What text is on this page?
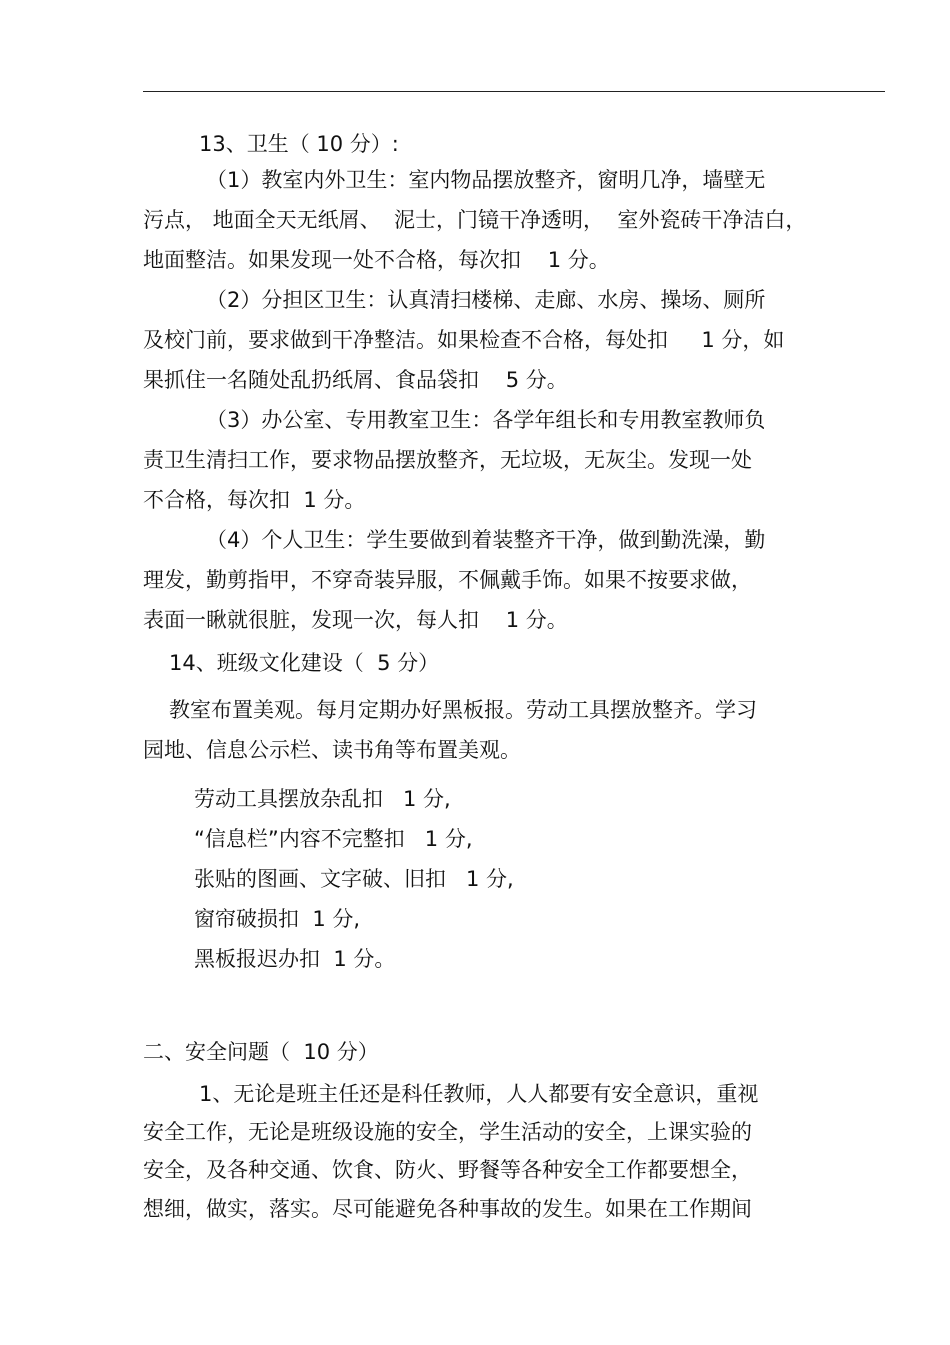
13、卫生（ 10 分）:
（1）教室内外卫生：室内物品摆放整齐，窗明几净，墙壁无
污点， 地面全天无纸屑、  泥士，门镜干净透明，  室外瓷砖干净洁白，
地面整洁。如果发现一处不合格，每次扣    1 分。
（2）分担区卫生：认真清扫楼梯、走廊、水房、操场、厕所
及校门前，要求做到干净整洁。如果检查不合格，每处扣     1 分，如
果抓住一名随处乱扔纸屑、食品袋扣    5 分。
（3）办公室、专用教室卫生：各学年组长和专用教室教师负
责卫生清扫工作，要求物品摆放整齐，无垃圾，无灰尘。发现一处
不合格，每次扣  1 分。
（4）个人卫生：学生要做到着装整齐干净，做到勤洗澡，勤
理发，勤剪指甲，不穿奇装异服，不佩戴手饰。如果不按要求做，
表面一瞅就很脏，发现一次，每人扣    1 分。
14、班级文化建设（  5 分）
教室布置美观。每月定期办好黑板报。劳动工具摆放整齐。学习
园地、信息公示栏、读书角等布置美观。
劳动工具摆放杂乱扣   1 分,
“信息栏”内容不完整扣   1 分,
张贴的图画、文字破、旧扣   1 分,
窗帘破损扣  1 分,
黑板报迟办扣  1 分。
二、安全问题（  10 分）
1、无论是班主任还是科任教师，人人都要有安全意识，重视
安全工作，无论是班级设施的安全，学生活动的安全，上课实验的
安全，及各种交通、饮食、防火、野餐等各种安全工作都要想全，
想细，做实，落实。尽可能避免各种事故的发生。如果在工作期间
